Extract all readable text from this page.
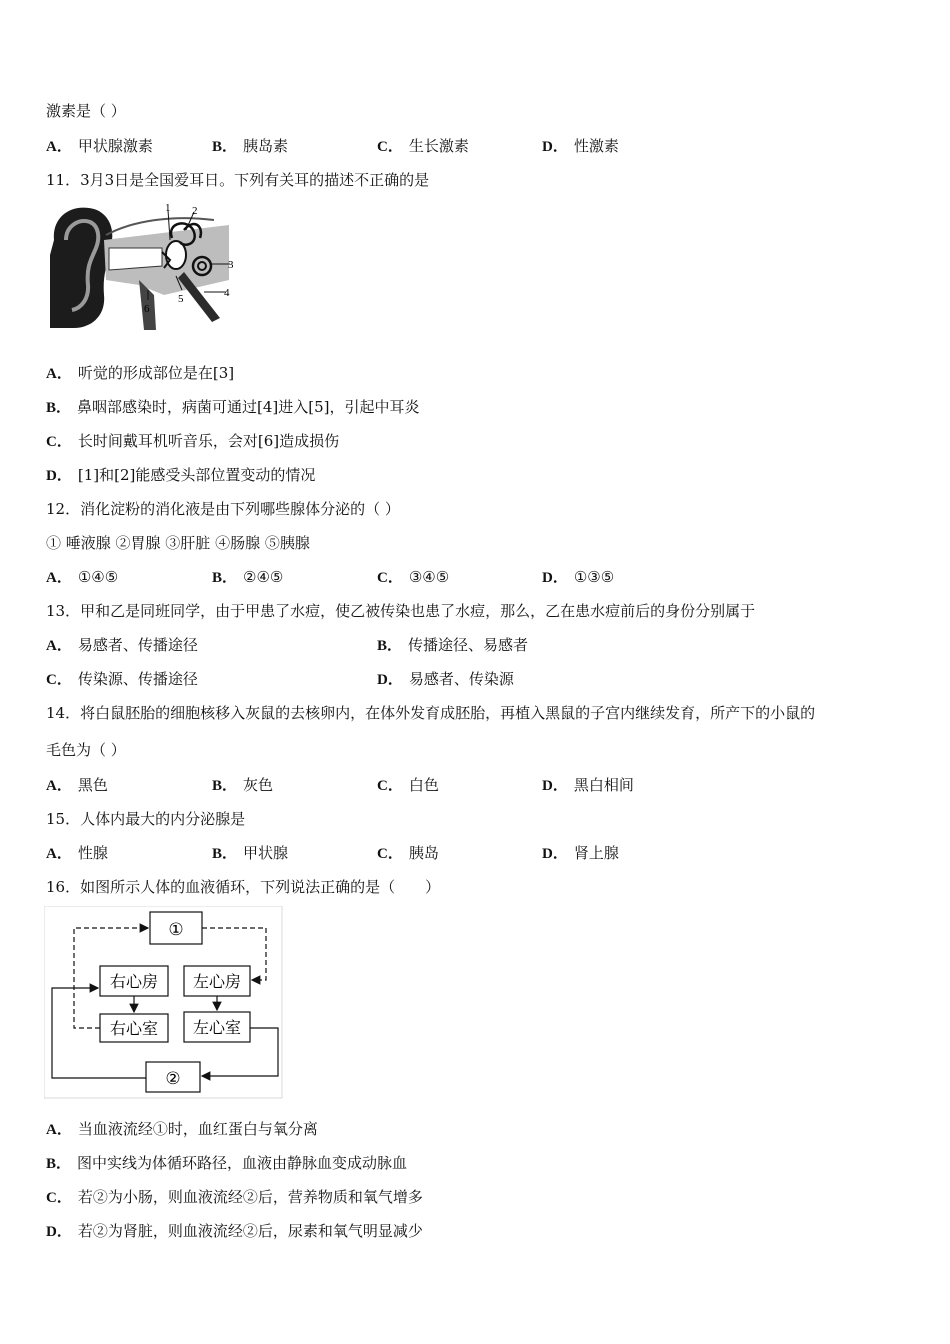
激素是（ ）
A． 甲状腺激素	B． 胰岛素	C． 生长激素	D． 性激素
11．3月3日是全国爱耳日。下列有关耳的描述不正确的是
1 2
3
4
5
6
A． 听觉的形成部位是在[3]
B． 鼻咽部感染时，病菌可通过[4]进入[5]，引起中耳炎
C． 长时间戴耳机听音乐，会对[6]造成损伤
D． [1]和[2]能感受头部位置变动的情况
12．消化淀粉的消化液是由下列哪些腺体分泌的（ ）
① 唾液腺 ②胃腺 ③肝脏 ④肠腺 ⑤胰腺
A． ①④⑤	B． ②④⑤	C． ③④⑤	D． ①③⑤
13．甲和乙是同班同学，由于甲患了水痘，使乙被传染也患了水痘，那么，乙在患水痘前后的身份分别属于
A． 易感者、传播途径	B． 传播途径、易感者
C． 传染源、传播途径	D． 易感者、传染源
14．将白鼠胚胎的细胞核移入灰鼠的去核卵内，在体外发育成胚胎，再植入黑鼠的子宫内继续发育，所产下的小鼠的
毛色为（ ）
A． 黑色	B． 灰色	C． 白色	D． 黑白相间
15．人体内最大的内分泌腺是
A． 性腺	B． 甲状腺	C． 胰岛	D． 肾上腺
16．如图所示人体的血液循环，下列说法正确的是（　　）
①
右心房 左心房
右心室 左心室
②
A． 当血液流经①时，血红蛋白与氧分离
B． 图中实线为体循环路径，血液由静脉血变成动脉血
C． 若②为小肠，则血液流经②后，营养物质和氧气增多
D． 若②为肾脏，则血液流经②后，尿素和氧气明显减少
